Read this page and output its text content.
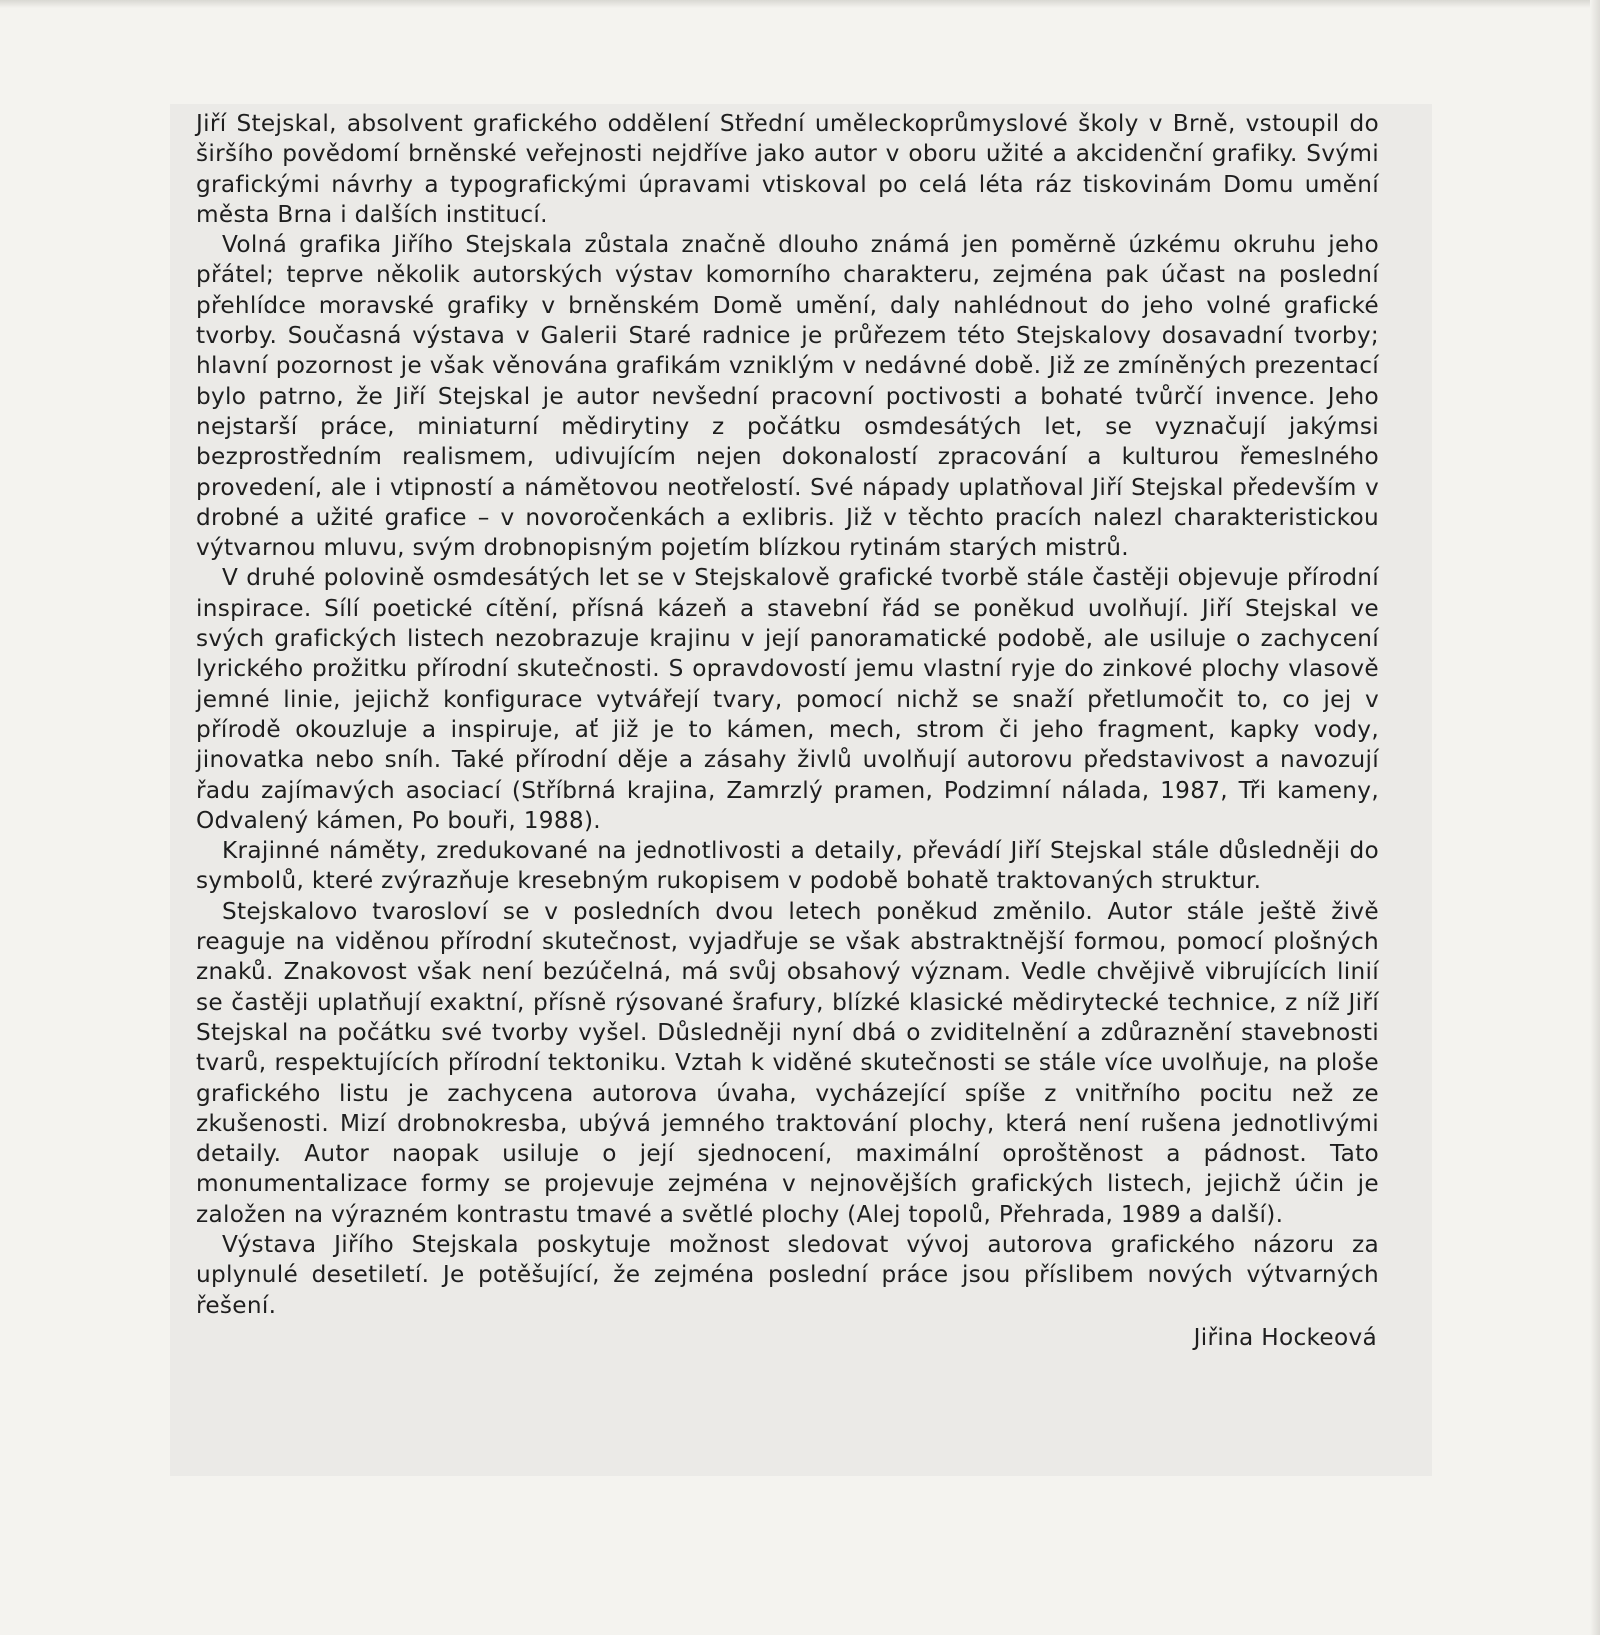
Jiří Stejskal, absolvent grafického oddělení Střední uměleckoprůmyslové školy v Brně, vstoupil do širšího povědomí brněnské veřejnosti nejdříve jako autor v oboru užité a akcidenční grafiky. Svými grafickými návrhy a typografickými úpravami vtiskoval po celá léta ráz tiskovinám Domu umění města Brna i dalších institucí.

Volná grafika Jiřího Stejskala zůstala značně dlouho známá jen poměrně úzkému okruhu jeho přátel; teprve několik autorských výstav komorního charakteru, zejména pak účast na poslední přehlídce moravské grafiky v brněnském Domě umění, daly nahlédnout do jeho volné grafické tvorby. Současná výstava v Galerii Staré radnice je průřezem této Stejskalovy dosavadní tvorby; hlavní pozornost je však věnována grafikám vzniklým v nedávné době. Již ze zmíněných prezentací bylo patrno, že Jiří Stejskal je autor nevšední pracovní poctivosti a bohaté tvůrčí invence. Jeho nejstarší práce, miniaturní mědirytiny z počátku osmdesátých let, se vyznačují jakýmsi bezprostředním realismem, udivujícím nejen dokonalostí zpracování a kulturou řemeslného provedení, ale i vtipností a námětovou neotřelostí. Své nápady uplatňoval Jiří Stejskal především v drobné a užité grafice – v novoročenkách a exlibris. Již v těchto pracích nalezl charakteristickou výtvarnou mluvu, svým drobnopisným pojetím blízkou rytinám starých mistrů.

V druhé polovině osmdesátých let se v Stejskalově grafické tvorbě stále častěji objevuje přírodní inspirace. Sílí poetické cítění, přísná kázeň a stavební řád se poněkud uvolňují. Jiří Stejskal ve svých grafických listech nezobrazuje krajinu v její panoramatické podobě, ale usiluje o zachycení lyrického prožitku přírodní skutečnosti. S opravdovostí jemu vlastní ryje do zinkové plochy vlasově jemné linie, jejichž konfigurace vytvářejí tvary, pomocí nichž se snaží přetlumočit to, co jej v přírodě okouzluje a inspiruje, ať již je to kámen, mech, strom či jeho fragment, kapky vody, jinovatka nebo sníh. Také přírodní děje a zásahy živlů uvolňují autorovu představivost a navozují řadu zajímavých asociací (Stříbrná krajina, Zamrzlý pramen, Podzimní nálada, 1987, Tři kameny, Odvalený kámen, Po bouři, 1988).

Krajinné náměty, zredukované na jednotlivosti a detaily, převádí Jiří Stejskal stále důsledněji do symbolů, které zvýrazňuje kresebným rukopisem v podobě bohatě traktovaných struktur.

Stejskalovo tvarosloví se v posledních dvou letech poněkud změnilo. Autor stále ještě živě reaguje na viděnou přírodní skutečnost, vyjadřuje se však abstraktnější formou, pomocí plošných znaků. Znakovost však není bezúčelná, má svůj obsahový význam. Vedle chvějivě vibrujících linií se častěji uplatňují exaktní, přísně rýsované šrafury, blízké klasické mědirytecké technice, z níž Jiří Stejskal na počátku své tvorby vyšel. Důsledněji nyní dbá o zviditelnění a zdůraznění stavebnosti tvarů, respektujících přírodní tektoniku. Vztah k viděné skutečnosti se stále více uvolňuje, na ploše grafického listu je zachycena autorova úvaha, vycházející spíše z vnitřního pocitu než ze zkušenosti. Mizí drobnokresba, ubývá jemného traktování plochy, která není rušena jednotlivými detaily. Autor naopak usiluje o její sjednocení, maximální oproštěnost a pádnost. Tato monumentalizace formy se projevuje zejména v nejnovějších grafických listech, jejichž účin je založen na výrazném kontrastu tmavé a světlé plochy (Alej topolů, Přehrada, 1989 a další).

Výstava Jiřího Stejskala poskytuje možnost sledovat vývoj autorova grafického názoru za uplynulé desetiletí. Je potěšující, že zejména poslední práce jsou příslibem nových výtvarných řešení.

Jiřina Hockeová
